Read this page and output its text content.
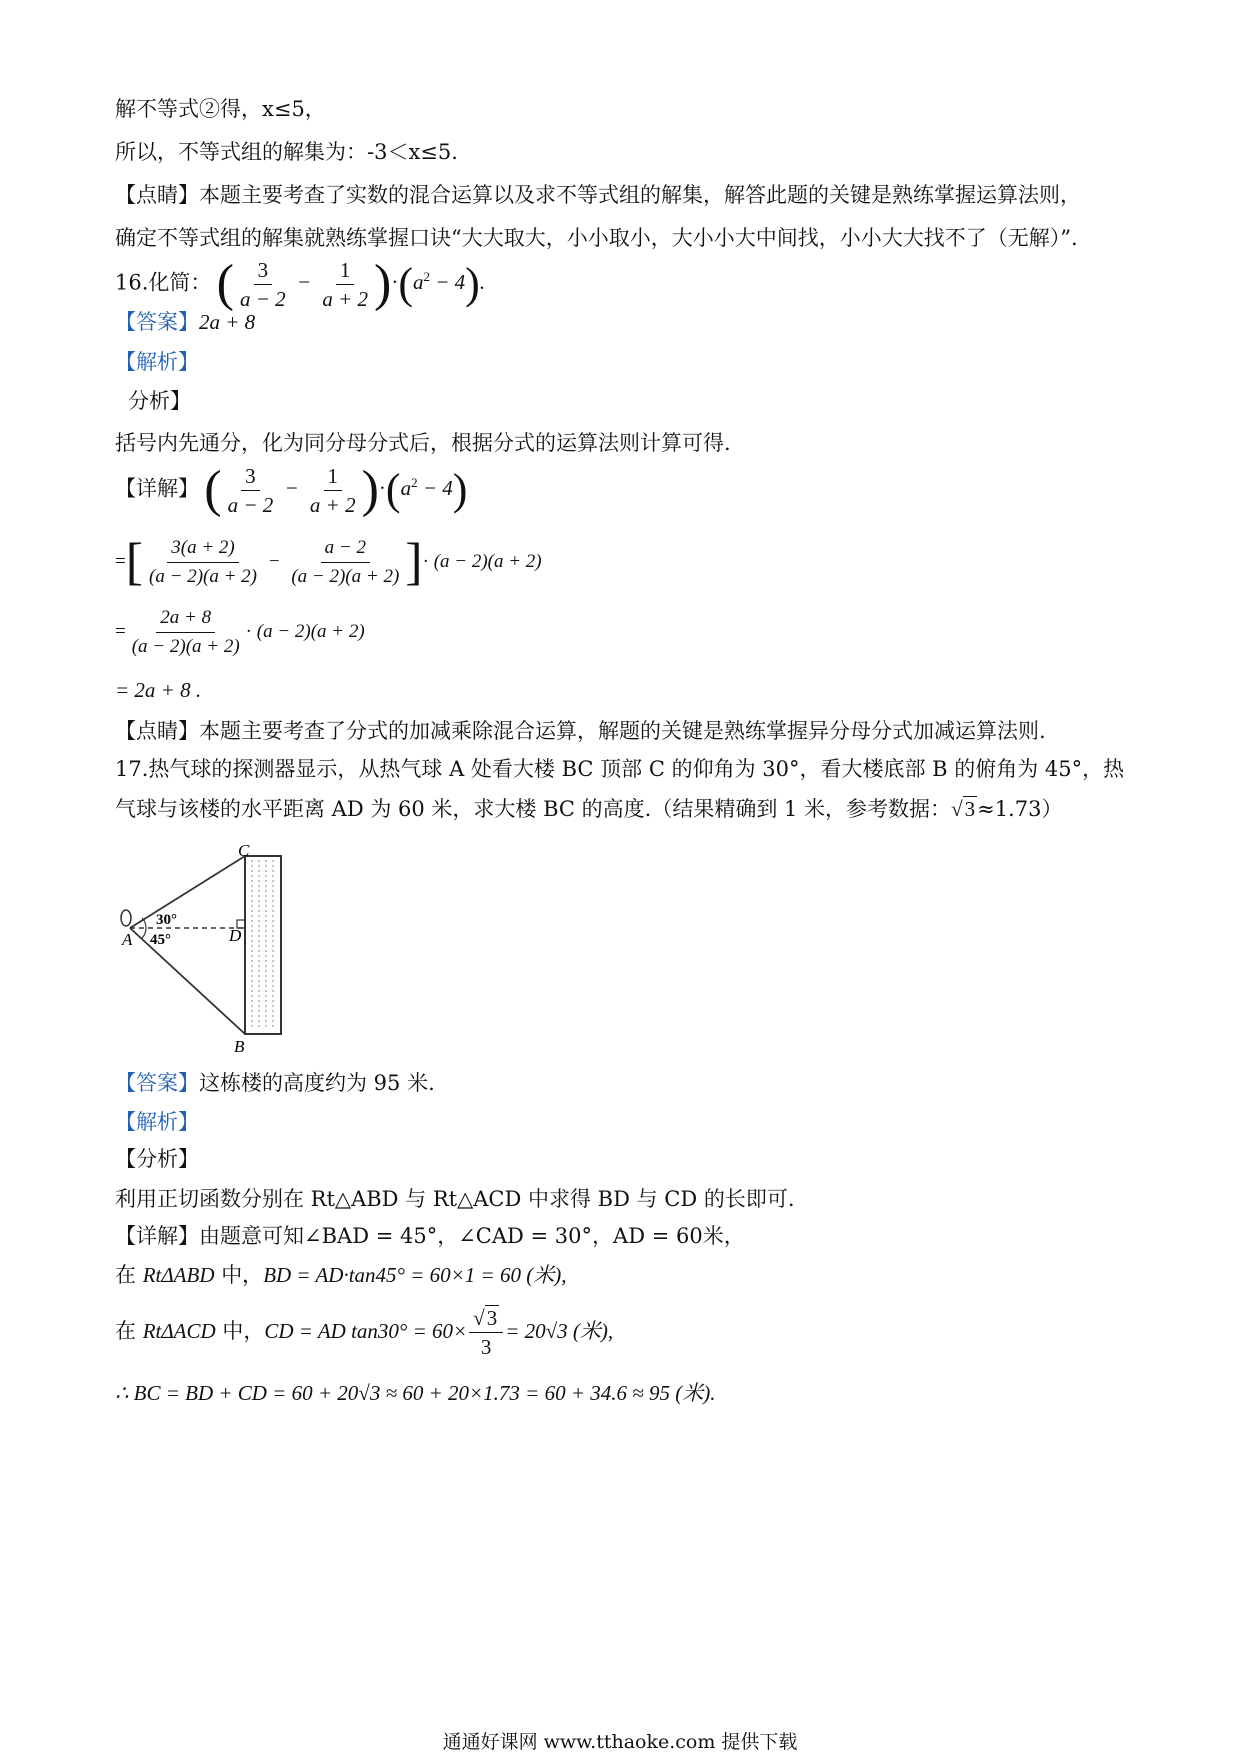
解不等式②得，x≤5，
所以，不等式组的解集为：-3＜x≤5.
【点睛】本题主要考查了实数的混合运算以及求不等式组的解集，解答此题的关键是熟练掌握运算法则，
确定不等式组的解集就熟练掌握口诀“大大取大，小小取小，大小小大中间找，小小大大找不了（无解）”.
16.化简： ( $\frac{3}{a - 2} - \frac{1}{a + 2} )\cdot(a^2 - 4)$.
【答案】2a + 8
【解析】
分析】
括号内先通分，化为同分母分式后，根据分式的运算法则计算可得.
【详解】 ( $\frac{3}{a - 2} - \frac{1}{a + 2} )\cdot(a^2 - 4)$
=[ $\frac{3(a + 2)}{(a - 2)(a + 2)} - \frac{a - 2}{(a - 2)(a + 2)}$ ]· (a − 2)(a + 2)
= $\frac{2a + 8}{(a - 2)(a + 2)} \cdot (a - 2)(a + 2)$
= 2a + 8 .
【点睛】本题主要考查了分式的加减乘除混合运算，解题的关键是熟练掌握异分母分式加减运算法则.
17.热气球的探测器显示，从热气球 A 处看大楼 BC 顶部 C 的仰角为 30°，看大楼底部 B 的俯角为 45°，热
气球与该楼的水平距离 AD 为 60 米，求大楼 BC 的高度.（结果精确到 1 米，参考数据：√3≈1.73）
C
D
A
B
30°
45°
【答案】这栋楼的高度约为 95 米.
【解析】
【分析】
利用正切函数分别在 Rt△ABD 与 Rt△ACD 中求得 BD 与 CD 的长即可.
【详解】由题意可知∠BAD = 45°，∠CAD = 30°，AD = 60米，
在 RtΔABD 中，BD = AD·tan45° = 60×1 = 60 (米),
在 RtΔACD 中，CD = AD $\tan 30^\circ = 60\times \frac{√3}{3} = 20√3$ (米),
∴ BC = BD + CD = 60 + 20√3 ≈ 60 + 20×1.73 = 60 + 34.6 ≈ 95 (米).
通通好课网 www.tthaoke.com 提供下载
